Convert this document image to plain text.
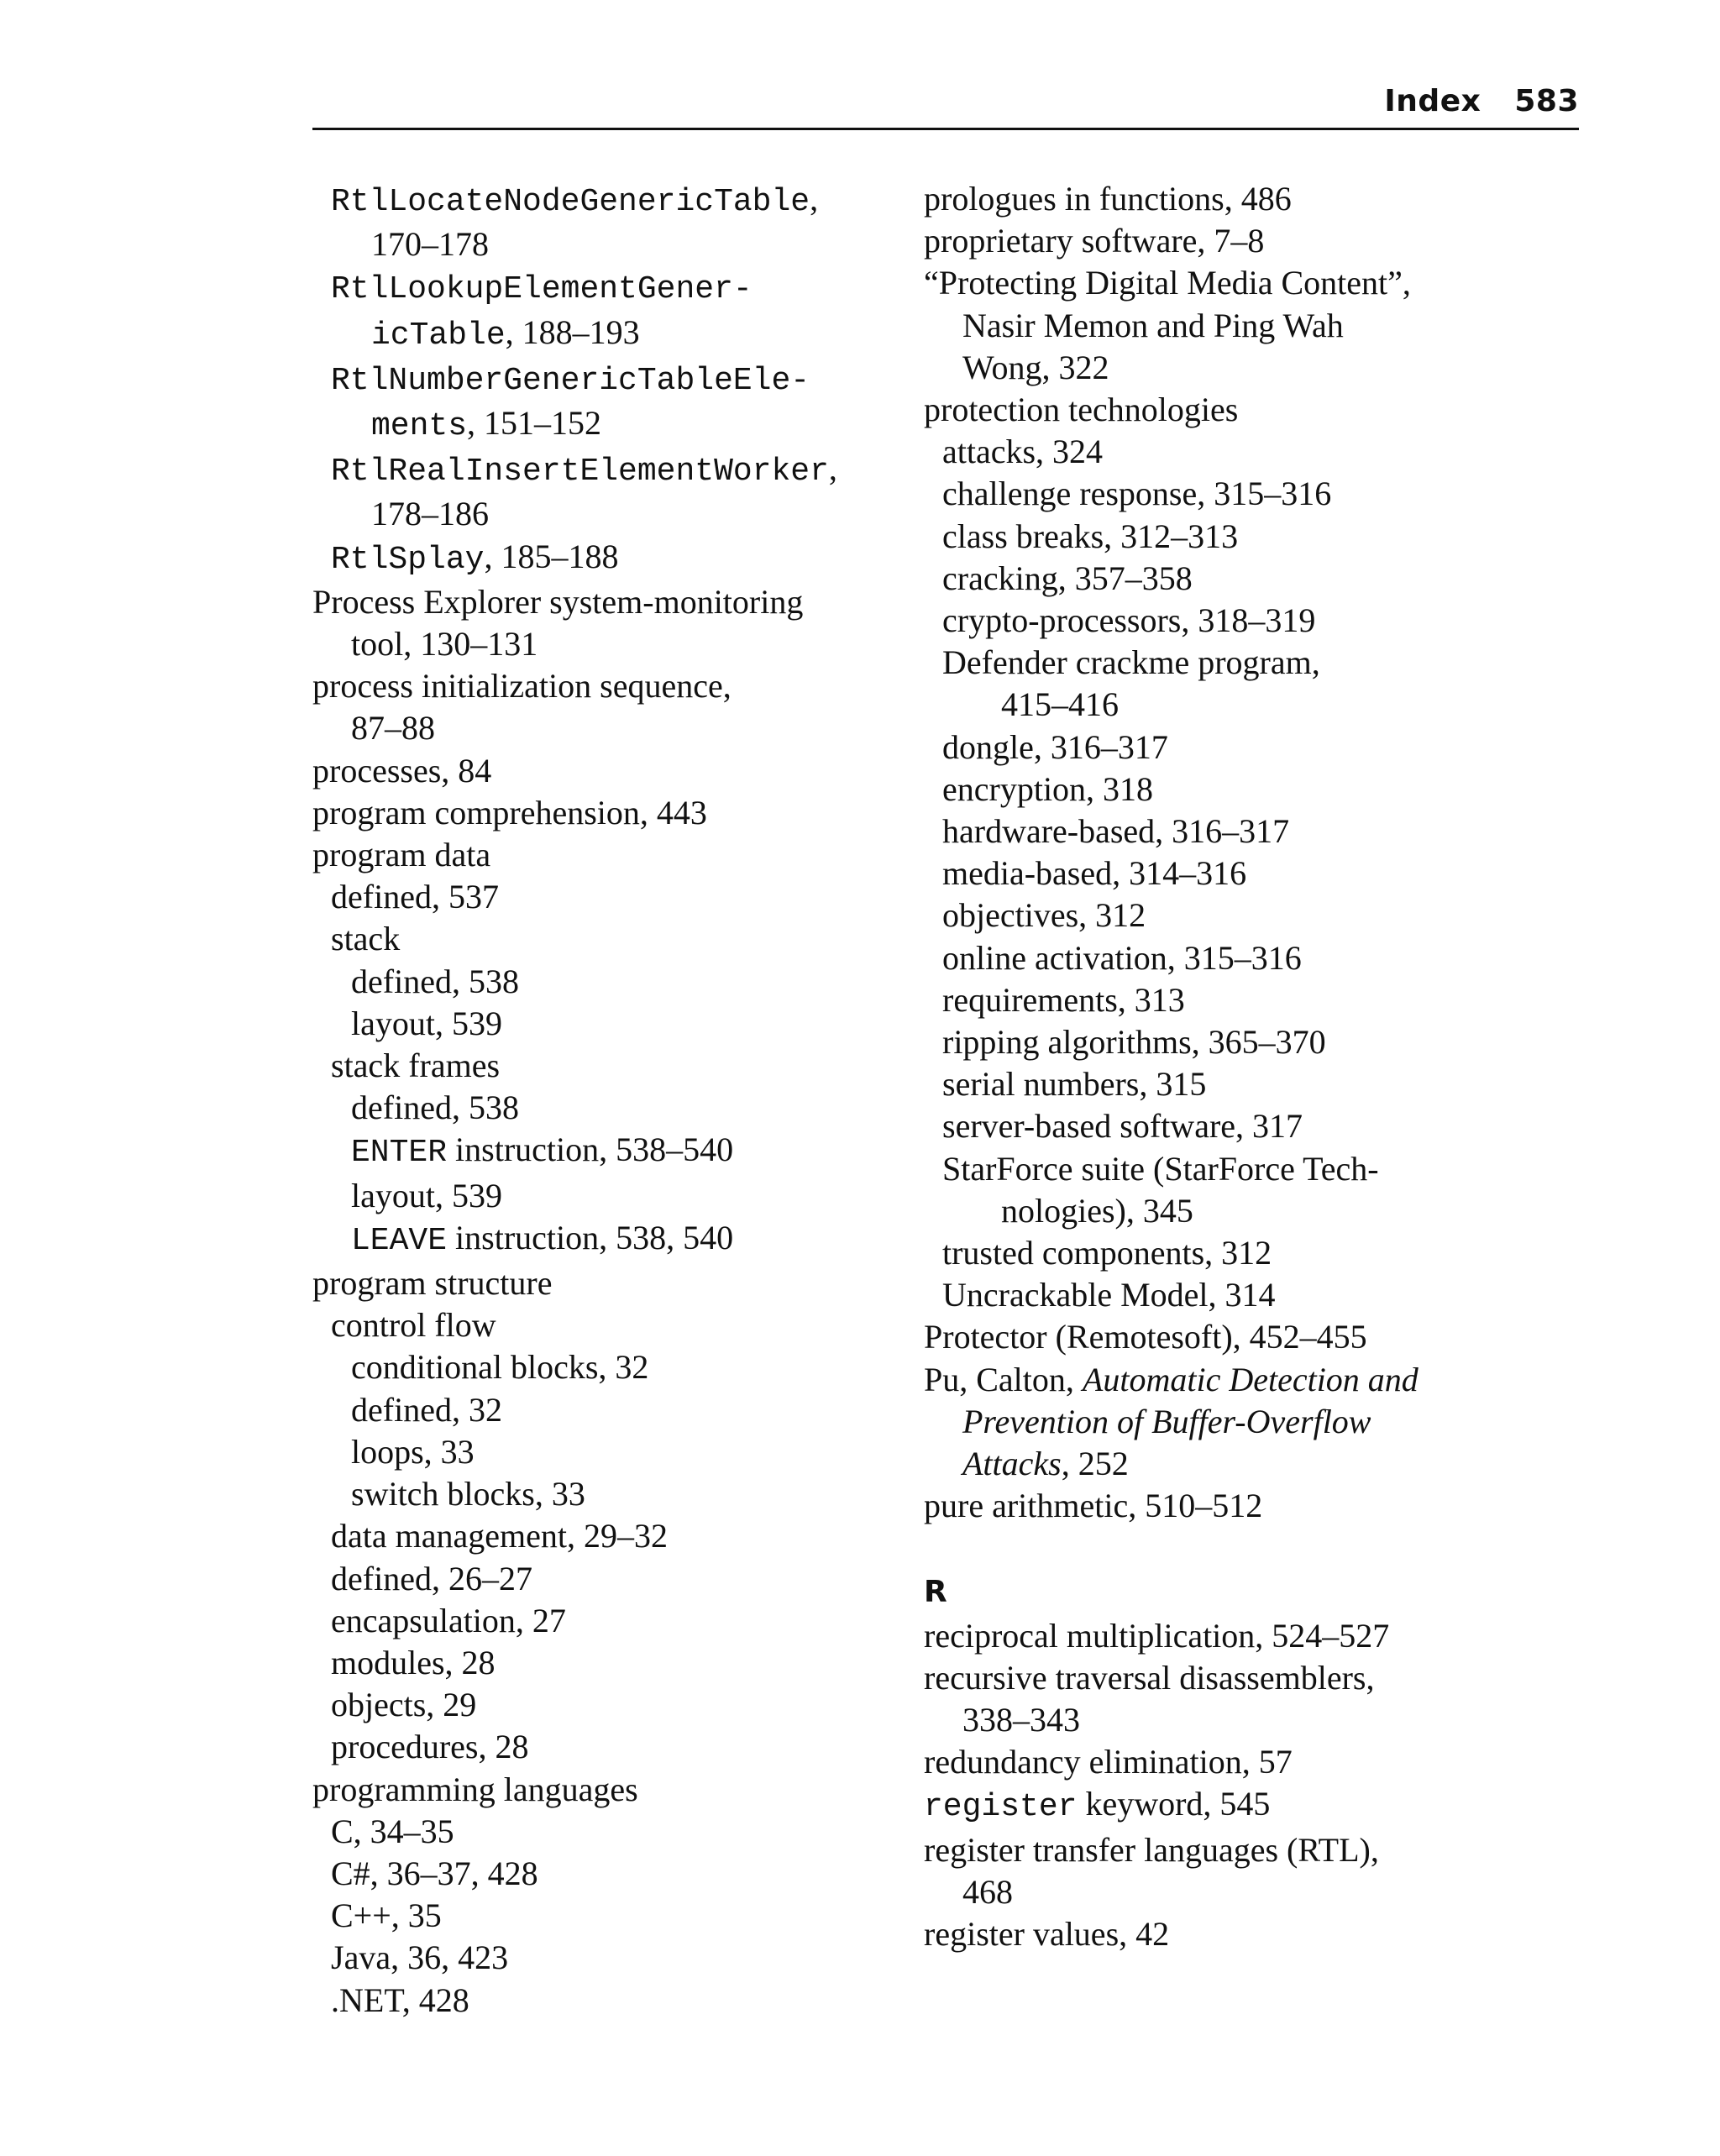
Index 583
RtlLocateNodeGenericTable,
170–178
RtlLookupElementGener-
icTable, 188–193
RtlNumberGenericTableEle-
ments, 151–152
RtlRealInsertElementWorker,
178–186
RtlSplay, 185–188
Process Explorer system-monitoring
tool, 130–131
process initialization sequence,
87–88
processes, 84
program comprehension, 443
program data
defined, 537
stack
defined, 538
layout, 539
stack frames
defined, 538
ENTER instruction, 538–540
layout, 539
LEAVE instruction, 538, 540
program structure
control flow
conditional blocks, 32
defined, 32
loops, 33
switch blocks, 33
data management, 29–32
defined, 26–27
encapsulation, 27
modules, 28
objects, 29
procedures, 28
programming languages
C, 34–35
C#, 36–37, 428
C++, 35
Java, 36, 423
.NET, 428
prologues in functions, 486
proprietary software, 7–8
“Protecting Digital Media Content”,
Nasir Memon and Ping Wah
Wong, 322
protection technologies
attacks, 324
challenge response, 315–316
class breaks, 312–313
cracking, 357–358
crypto-processors, 318–319
Defender crackme program,
415–416
dongle, 316–317
encryption, 318
hardware-based, 316–317
media-based, 314–316
objectives, 312
online activation, 315–316
requirements, 313
ripping algorithms, 365–370
serial numbers, 315
server-based software, 317
StarForce suite (StarForce Tech-
nologies), 345
trusted components, 312
Uncrackable Model, 314
Protector (Remotesoft), 452–455
Pu, Calton, Automatic Detection and
Prevention of Buffer-Overflow
Attacks, 252
pure arithmetic, 510–512
R
reciprocal multiplication, 524–527
recursive traversal disassemblers,
338–343
redundancy elimination, 57
register keyword, 545
register transfer languages (RTL),
468
register values, 42
